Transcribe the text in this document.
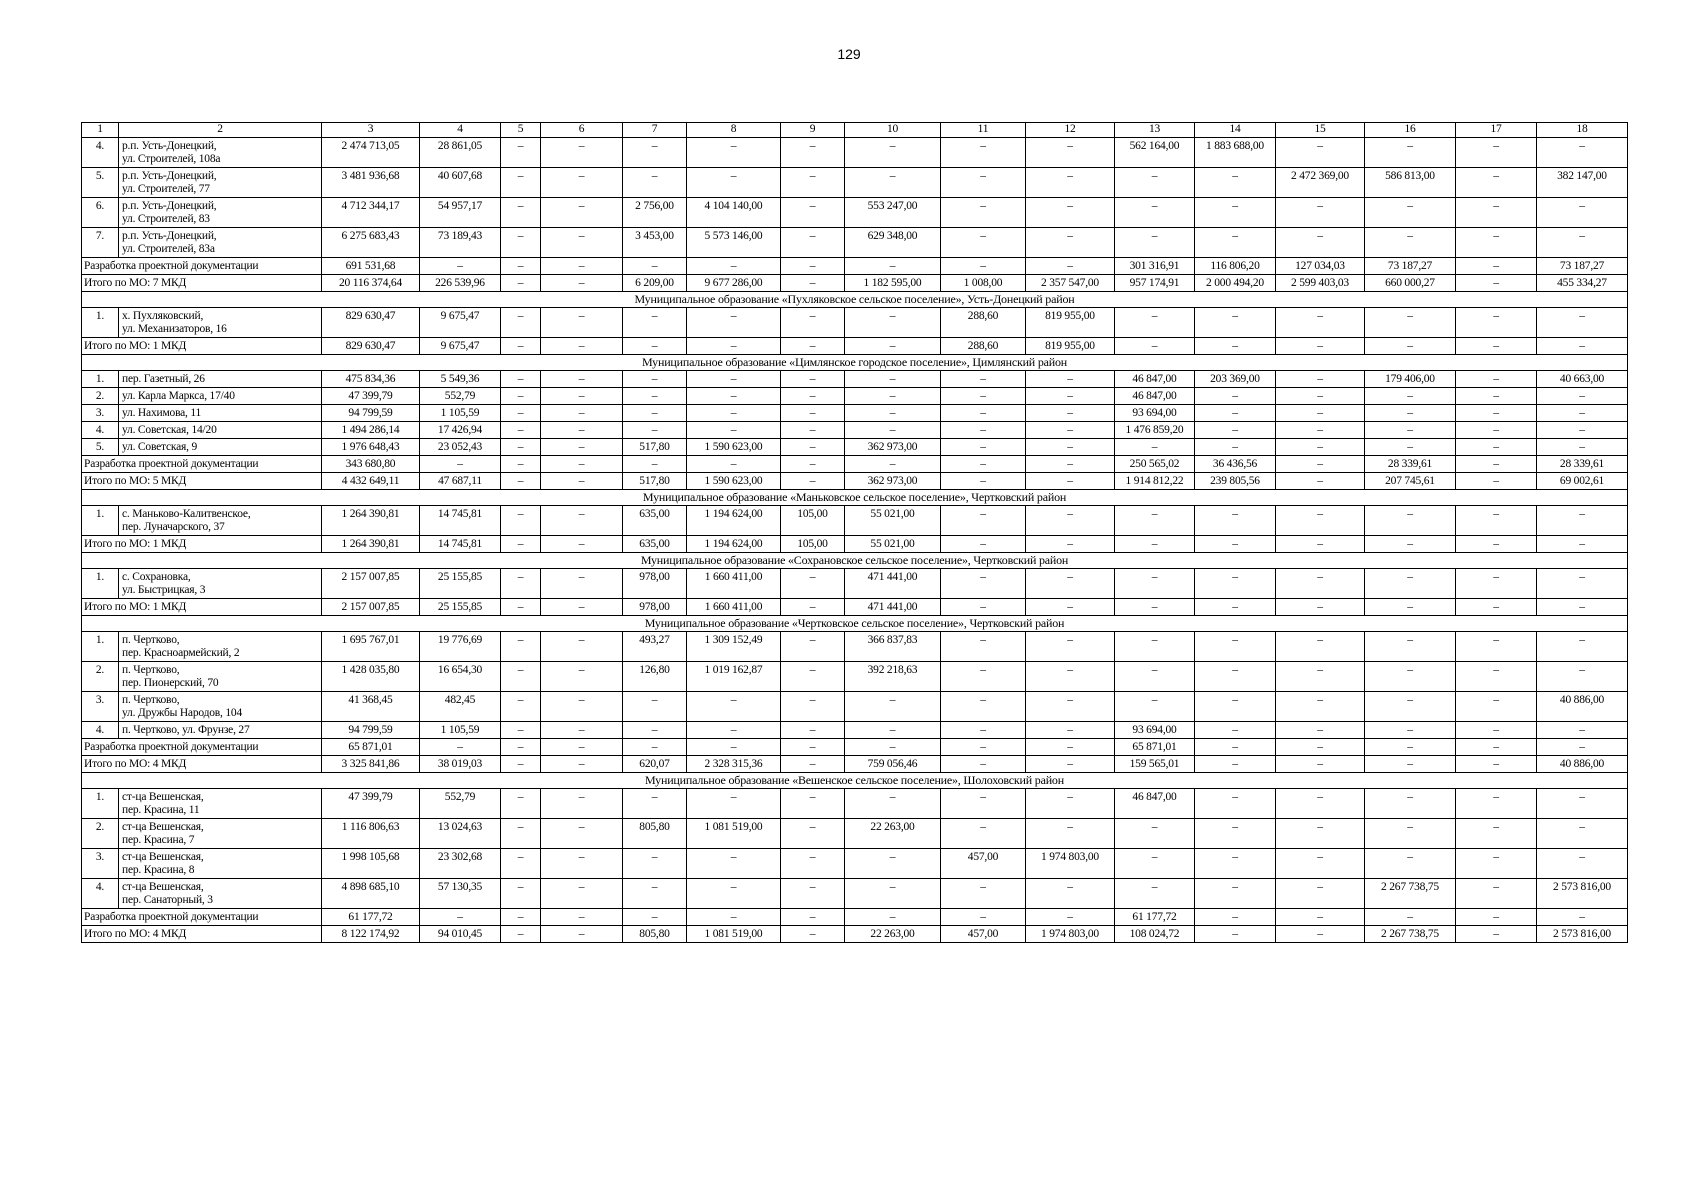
129
1	2	3	4	5	6	7	8	9	10	11	12	13	14	15	16	17	18
4.	р.п. Усть-Донецкий,
ул. Строителей, 108а	2 474 713,05	28 861,05	–	–	–	–	–	–	–	–	562 164,00	1 883 688,00	–	–	–	–
5.	р.п. Усть-Донецкий,
ул. Строителей, 77	3 481 936,68	40 607,68	–	–	–	–	–	–	–	–	–	–	2 472 369,00	586 813,00	–	382 147,00
6.	р.п. Усть-Донецкий,
ул. Строителей, 83	4 712 344,17	54 957,17	–	–	2 756,00	4 104 140,00	–	553 247,00	–	–	–	–	–	–	–	–
7.	р.п. Усть-Донецкий,
ул. Строителей, 83а	6 275 683,43	73 189,43	–	–	3 453,00	5 573 146,00	–	629 348,00	–	–	–	–	–	–	–	–
Разработка проектной документации		691 531,68	–	–	–	–	–	–	–	–	–	301 316,91	116 806,20	127 034,03	73 187,27	–	73 187,27
Итого по МО: 7 МКД		20 116 374,64	226 539,96	–	–	6 209,00	9 677 286,00	–	1 182 595,00	1 008,00	2 357 547,00	957 174,91	2 000 494,20	2 599 403,03	660 000,27	–	455 334,27
Муниципальное образование «Пухляковское сельское поселение», Усть-Донецкий район																	
1.	х. Пухляковский,
ул. Механизаторов, 16	829 630,47	9 675,47	–	–	–	–	–	–	288,60	819 955,00	–	–	–	–	–	–
Итого по МО: 1 МКД		829 630,47	9 675,47	–	–	–	–	–	–	288,60	819 955,00	–	–	–	–	–	–
Муниципальное образование «Цимлянское городское поселение», Цимлянский район																	
1.	пер. Газетный, 26	475 834,36	5 549,36	–	–	–	–	–	–	–	–	46 847,00	203 369,00	–	179 406,00	–	40 663,00
2.	ул. Карла Маркса, 17/40	47 399,79	552,79	–	–	–	–	–	–	–	–	46 847,00	–	–	–	–	–
3.	ул. Нахимова, 11	94 799,59	1 105,59	–	–	–	–	–	–	–	–	93 694,00	–	–	–	–	–
4.	ул. Советская, 14/20	1 494 286,14	17 426,94	–	–	–	–	–	–	–	–	1 476 859,20	–	–	–	–	–
5.	ул. Советская, 9	1 976 648,43	23 052,43	–	–	517,80	1 590 623,00	–	362 973,00	–	–	–	–	–	–	–	–
Разработка проектной документации		343 680,80	–	–	–	–	–	–	–	–	–	250 565,02	36 436,56	–	28 339,61	–	28 339,61
Итого по МО: 5 МКД		4 432 649,11	47 687,11	–	–	517,80	1 590 623,00	–	362 973,00	–	–	1 914 812,22	239 805,56	–	207 745,61	–	69 002,61
Муниципальное образование «Маньковское сельское поселение», Чертковский район																	
1.	с. Маньково-Калитвенское,
пер. Луначарского, 37	1 264 390,81	14 745,81	–	–	635,00	1 194 624,00	105,00	55 021,00	–	–	–	–	–	–	–	–
Итого по МО: 1 МКД		1 264 390,81	14 745,81	–	–	635,00	1 194 624,00	105,00	55 021,00	–	–	–	–	–	–	–	–
Муниципальное образование «Сохрановское сельское поселение», Чертковский район																	
1.	с. Сохрановка,
ул. Быстрицкая, 3	2 157 007,85	25 155,85	–	–	978,00	1 660 411,00	–	471 441,00	–	–	–	–	–	–	–	–
Итого по МО: 1 МКД		2 157 007,85	25 155,85	–	–	978,00	1 660 411,00	–	471 441,00	–	–	–	–	–	–	–	–
Муниципальное образование «Чертковское сельское поселение», Чертковский район																	
1.	п. Чертково,
пер. Красноармейский, 2	1 695 767,01	19 776,69	–	–	493,27	1 309 152,49	–	366 837,83	–	–	–	–	–	–	–	–
2.	п. Чертково,
пер. Пионерский, 70	1 428 035,80	16 654,30	–	–	126,80	1 019 162,87	–	392 218,63	–	–	–	–	–	–	–	–
3.	п. Чертково,
ул. Дружбы Народов, 104	41 368,45	482,45	–	–	–	–	–	–	–	–	–	–	–	–	–	40 886,00
4.	п. Чертково, ул. Фрунзе, 27	94 799,59	1 105,59	–	–	–	–	–	–	–	–	93 694,00	–	–	–	–	–
Разработка проектной документации		65 871,01	–	–	–	–	–	–	–	–	–	65 871,01	–	–	–	–	–
Итого по МО: 4 МКД		3 325 841,86	38 019,03	–	–	620,07	2 328 315,36	–	759 056,46	–	–	159 565,01	–	–	–	–	40 886,00
Муниципальное образование «Вешенское сельское поселение», Шолоховский район																	
1.	ст-ца Вешенская,
пер. Красина, 11	47 399,79	552,79	–	–	–	–	–	–	–	–	46 847,00	–	–	–	–	–
2.	ст-ца Вешенская,
пер. Красина, 7	1 116 806,63	13 024,63	–	–	805,80	1 081 519,00	–	22 263,00	–	–	–	–	–	–	–	–
3.	ст-ца Вешенская,
пер. Красина, 8	1 998 105,68	23 302,68	–	–	–	–	–	–	457,00	1 974 803,00	–	–	–	–	–	–
4.	ст-ца Вешенская,
пер. Санаторный, 3	4 898 685,10	57 130,35	–	–	–	–	–	–	–	–	–	–	–	2 267 738,75	–	2 573 816,00
Разработка проектной документации		61 177,72	–	–	–	–	–	–	–	–	–	61 177,72	–	–	–	–	–
Итого по МО: 4 МКД		8 122 174,92	94 010,45	–	–	805,80	1 081 519,00	–	22 263,00	457,00	1 974 803,00	108 024,72	–	–	2 267 738,75	–	2 573 816,00
